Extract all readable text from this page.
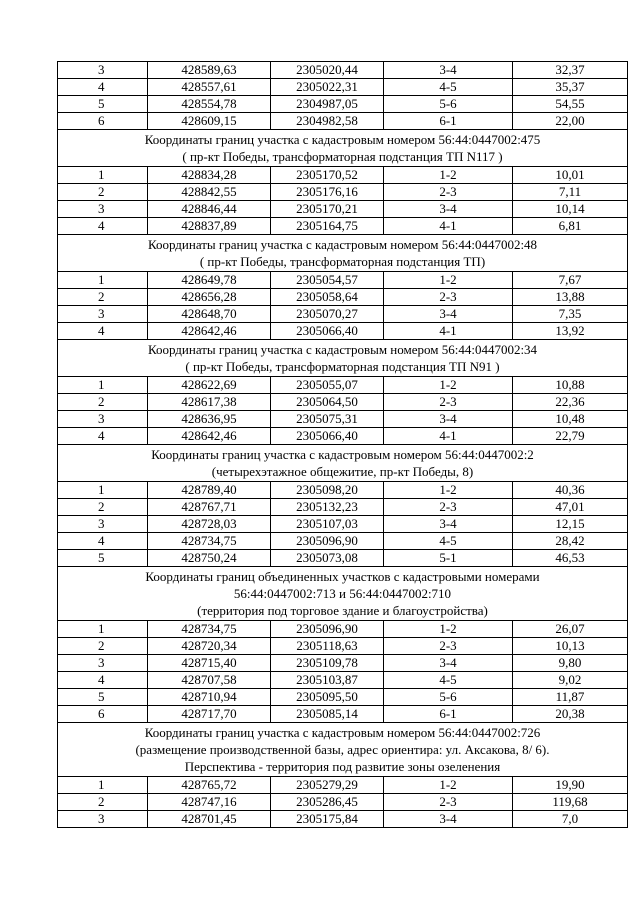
3	428589,63	2305020,44	3-4	32,37
4	428557,61	2305022,31	4-5	35,37
5	428554,78	2304987,05	5-6	54,55
6	428609,15	2304982,58	6-1	22,00

Координаты границ участка с кадастровым номером 56:44:0447002:475
( пр-кт Победы, трансформаторная подстанция ТП N117 )				

1	428834,28	2305170,52	1-2	10,01
2	428842,55	2305176,16	2-3	7,11
3	428846,44	2305170,21	3-4	10,14
4	428837,89	2305164,75	4-1	6,81

Координаты границ участка с кадастровым номером 56:44:0447002:48
( пр-кт Победы, трансформаторная подстанция ТП)				

1	428649,78	2305054,57	1-2	7,67
2	428656,28	2305058,64	2-3	13,88
3	428648,70	2305070,27	3-4	7,35
4	428642,46	2305066,40	4-1	13,92

Координаты границ участка с кадастровым номером 56:44:0447002:34
( пр-кт Победы, трансформаторная подстанция ТП N91 )				

1	428622,69	2305055,07	1-2	10,88
2	428617,38	2305064,50	2-3	22,36
3	428636,95	2305075,31	3-4	10,48
4	428642,46	2305066,40	4-1	22,79

Координаты границ участка с кадастровым номером 56:44:0447002:2
(четырехэтажное общежитие, пр-кт Победы, 8)				

1	428789,40	2305098,20	1-2	40,36
2	428767,71	2305132,23	2-3	47,01
3	428728,03	2305107,03	3-4	12,15
4	428734,75	2305096,90	4-5	28,42
5	428750,24	2305073,08	5-1	46,53

Координаты границ объединенных участков с кадастровыми номерами
56:44:0447002:713 и 56:44:0447002:710
(территория под торговое здание и благоустройства)				

1	428734,75	2305096,90	1-2	26,07
2	428720,34	2305118,63	2-3	10,13
3	428715,40	2305109,78	3-4	9,80
4	428707,58	2305103,87	4-5	9,02
5	428710,94	2305095,50	5-6	11,87
6	428717,70	2305085,14	6-1	20,38

Координаты границ участка с кадастровым номером 56:44:0447002:726
(размещение производственной базы, адрес ориентира: ул. Аксакова, 8/ 6).
Перспектива - территория под развитие зоны озеленения				

1	428765,72	2305279,29	1-2	19,90
2	428747,16	2305286,45	2-3	119,68
3	428701,45	2305175,84	3-4	7,0
